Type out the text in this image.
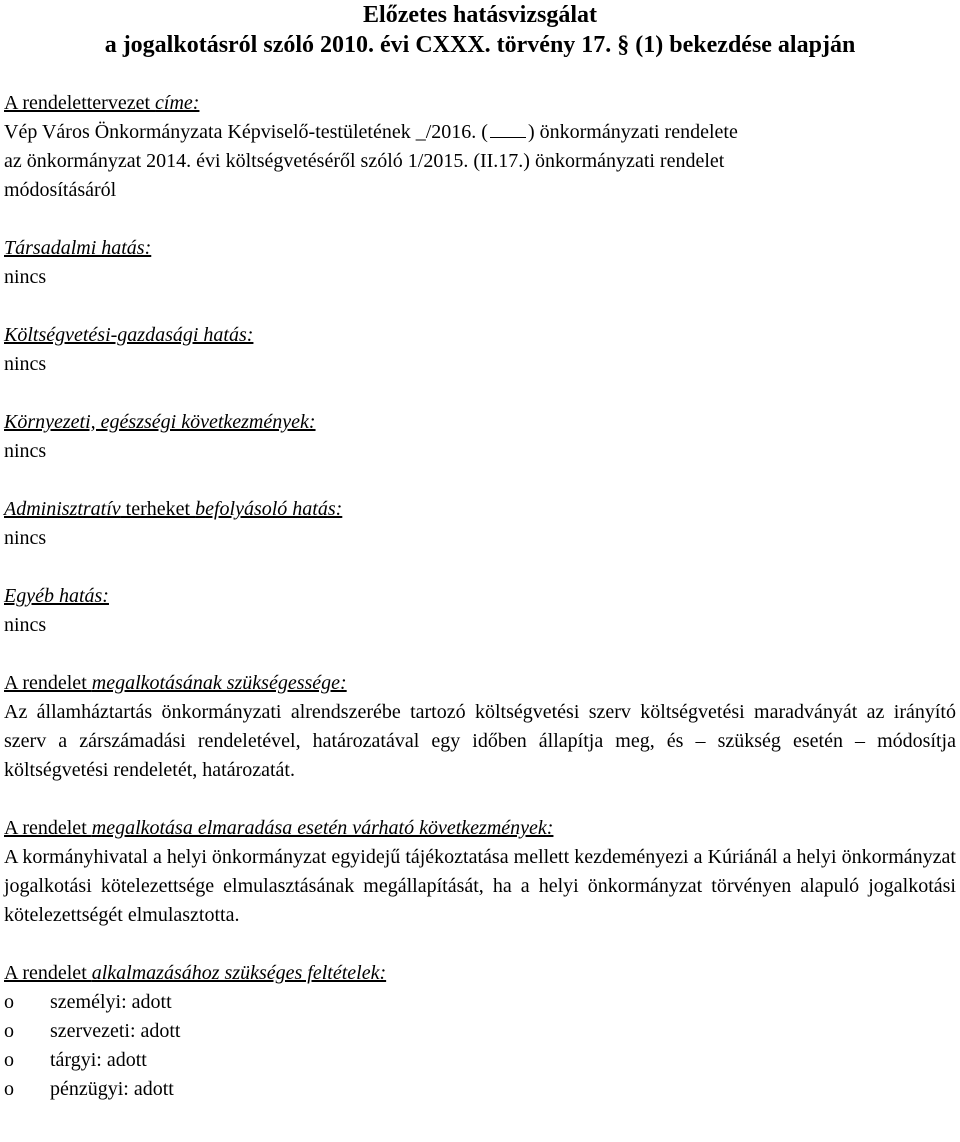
Előzetes hatásvizsgálat

a jogalkotásról szóló 2010. évi CXXX. törvény 17. § (1) bekezdése alapján

A rendelettervezet címe:

Vép Város Önkormányzata Képviselő-testületének _/2016. ( ) önkormányzati rendelete

az önkormányzat 2014. évi költségvetéséről szóló 1/2015. (II.17.) önkormányzati rendelet

módosításáról

Társadalmi hatás:

nincs

Költségvetési-gazdasági hatás:

nincs

Környezeti, egészségi következmények:

nincs

Adminisztratív terheket befolyásoló hatás:

nincs

Egyéb hatás:

nincs

A rendelet megalkotásának szükségessége:

Az államháztartás önkormányzati alrendszerébe tartozó költségvetési szerv költségvetési maradványát az irányító szerv a zárszámadási rendeletével, határozatával egy időben állapítja meg, és – szükség esetén – módosítja költségvetési rendeletét, határozatát.

A rendelet megalkotása elmaradása esetén várható következmények:

A kormányhivatal a helyi önkormányzat egyidejű tájékoztatása mellett kezdeményezi a Kúriánál a helyi önkormányzat jogalkotási kötelezettsége elmulasztásának megállapítását, ha a helyi önkormányzat törvényen alapuló jogalkotási kötelezettségét elmulasztotta.

A rendelet alkalmazásához szükséges feltételek:

o személyi: adott
o szervezeti: adott
o tárgyi: adott
o pénzügyi: adott
